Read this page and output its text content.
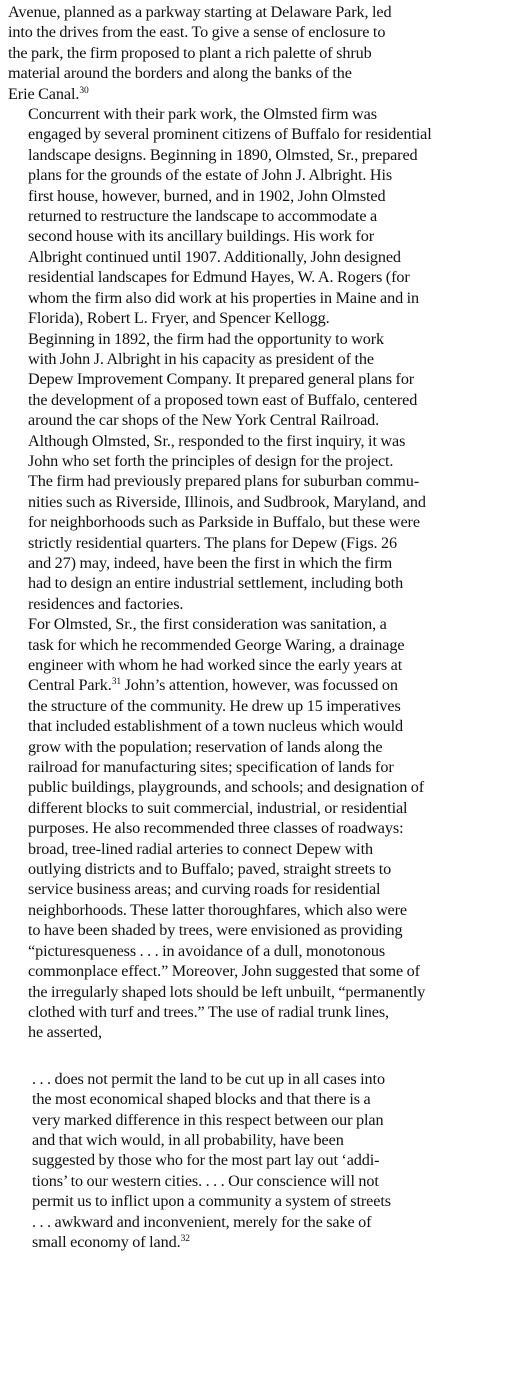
Avenue, planned as a parkway starting at Delaware Park, led
into the drives from the east. To give a sense of enclosure to
the park, the firm proposed to plant a rich palette of shrub
material around the borders and along the banks of the
Erie Canal.$^{30}$

Concurrent with their park work, the Olmsted firm was
engaged by several prominent citizens of Buffalo for residential
landscape designs. Beginning in 1890, Olmsted, Sr., prepared
plans for the grounds of the estate of John J. Albright. His
first house, however, burned, and in 1902, John Olmsted
returned to restructure the landscape to accommodate a
second house with its ancillary buildings. His work for
Albright continued until 1907. Additionally, John designed
residential landscapes for Edmund Hayes, W. A. Rogers (for
whom the firm also did work at his properties in Maine and in
Florida), Robert L. Fryer, and Spencer Kellogg.

Beginning in 1892, the firm had the opportunity to work
with John J. Albright in his capacity as president of the
Depew Improvement Company. It prepared general plans for
the development of a proposed town east of Buffalo, centered
around the car shops of the New York Central Railroad.
Although Olmsted, Sr., responded to the first inquiry, it was
John who set forth the principles of design for the project.
The firm had previously prepared plans for suburban commu-
nities such as Riverside, Illinois, and Sudbrook, Maryland, and
for neighborhoods such as Parkside in Buffalo, but these were
strictly residential quarters. The plans for Depew (Figs. 26
and 27) may, indeed, have been the first in which the firm
had to design an entire industrial settlement, including both
residences and factories.

For Olmsted, Sr., the first consideration was sanitation, a
task for which he recommended George Waring, a drainage
engineer with whom he had worked since the early years at
Central Park.$^{31}$ John’s attention, however, was focussed on
the structure of the community. He drew up 15 imperatives
that included establishment of a town nucleus which would
grow with the population; reservation of lands along the
railroad for manufacturing sites; specification of lands for
public buildings, playgrounds, and schools; and designation of
different blocks to suit commercial, industrial, or residential
purposes. He also recommended three classes of roadways:
broad, tree-lined radial arteries to connect Depew with
outlying districts and to Buffalo; paved, straight streets to
service business areas; and curving roads for residential
neighborhoods. These latter thoroughfares, which also were
to have been shaded by trees, were envisioned as providing
“picturesqueness . . . in avoidance of a dull, monotonous
commonplace effect.” Moreover, John suggested that some of
the irregularly shaped lots should be left unbuilt, “permanently
clothed with turf and trees.” The use of radial trunk lines,
he asserted,

. . . does not permit the land to be cut up in all cases into
the most economical shaped blocks and that there is a
very marked difference in this respect between our plan
and that wich would, in all probability, have been
suggested by those who for the most part lay out ‘addi-
tions’ to our western cities. . . . Our conscience will not
permit us to inflict upon a community a system of streets
. . . awkward and inconvenient, merely for the sake of
small economy of land.$^{32}$
